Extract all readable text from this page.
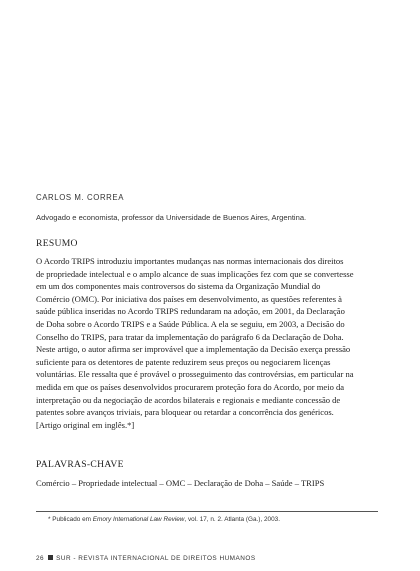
CARLOS M. CORREA
Advogado e economista, professor da Universidade de Buenos Aires, Argentina.
RESUMO

O Acordo TRIPS introduziu importantes mudanças nas normas internacionais dos direitos
de propriedade intelectual e o amplo alcance de suas implicações fez com que se convertesse
em um dos componentes mais controversos do sistema da Organização Mundial do
Comércio (OMC). Por iniciativa dos países em desenvolvimento, as questões referentes à
saúde pública inseridas no Acordo TRIPS redundaram na adoção, em 2001, da Declaração
de Doha sobre o Acordo TRIPS e a Saúde Pública. A ela se seguiu, em 2003, a Decisão do
Conselho do TRIPS, para tratar da implementação do parágrafo 6 da Declaração de Doha.
Neste artigo, o autor afirma ser improvável que a implementação da Decisão exerça pressão
suficiente para os detentores de patente reduzirem seus preços ou negociarem licenças
voluntárias. Ele ressalta que é provável o prosseguimento das controvérsias, em particular na
medida em que os países desenvolvidos procurarem proteção fora do Acordo, por meio da
interpretação ou da negociação de acordos bilaterais e regionais e mediante concessão de
patentes sobre avanços triviais, para bloquear ou retardar a concorrência dos genéricos.
[Artigo original em inglês.*]

PALAVRAS-CHAVE
Comércio – Propriedade intelectual – OMC – Declaração de Doha – Saúde – TRIPS
* Publicado em Emory International Law Review, vol. 17, n. 2. Atlanta (Ga.), 2003.
26 SUR - REVISTA INTERNACIONAL DE DIREITOS HUMANOS
